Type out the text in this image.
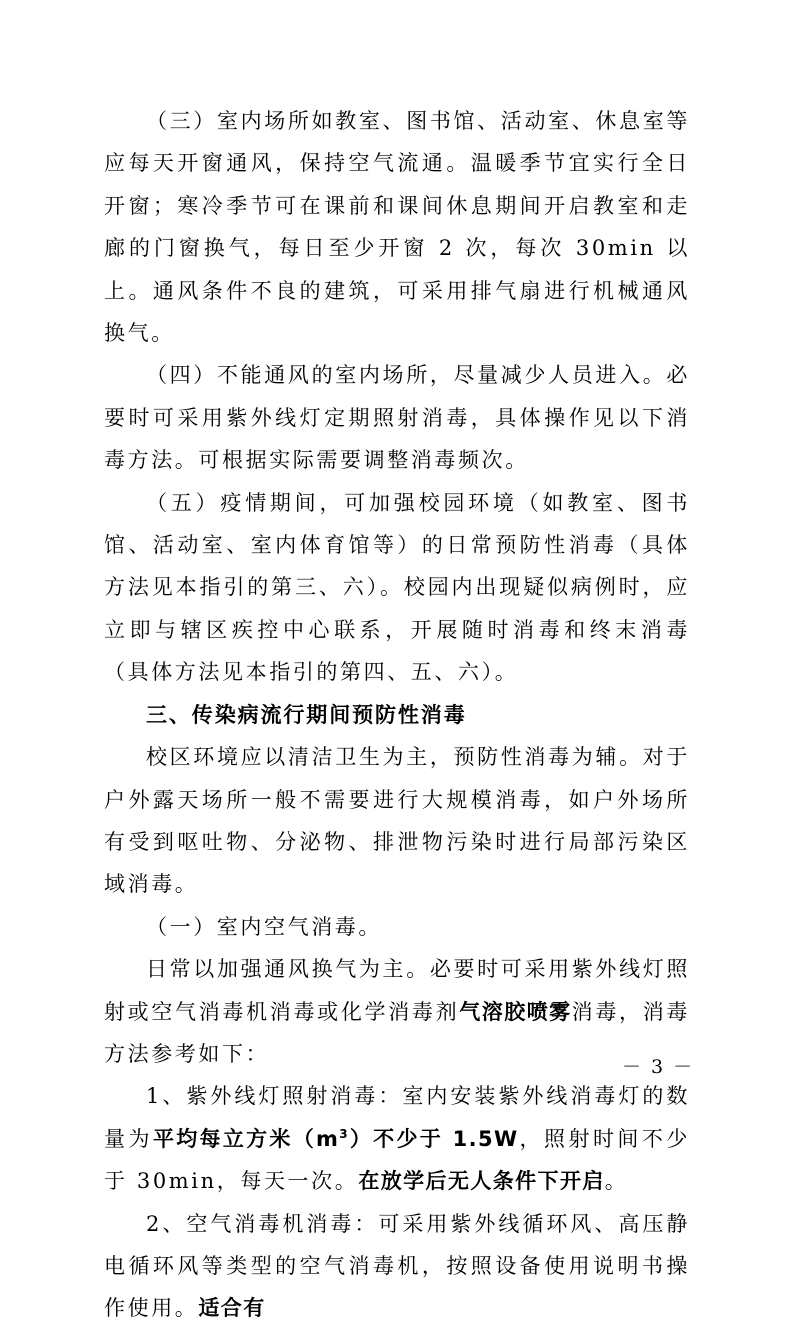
（三）室内场所如教室、图书馆、活动室、休息室等应每天开窗通风，保持空气流通。温暖季节宜实行全日开窗；寒冷季节可在课前和课间休息期间开启教室和走廊的门窗换气，每日至少开窗 2 次，每次 30min 以上。通风条件不良的建筑，可采用排气扇进行机械通风换气。

（四）不能通风的室内场所，尽量减少人员进入。必要时可采用紫外线灯定期照射消毒，具体操作见以下消毒方法。可根据实际需要调整消毒频次。

（五）疫情期间，可加强校园环境（如教室、图书馆、活动室、室内体育馆等）的日常预防性消毒（具体方法见本指引的第三、六）。校园内出现疑似病例时，应立即与辖区疾控中心联系，开展随时消毒和终末消毒（具体方法见本指引的第四、五、六）。

三、传染病流行期间预防性消毒

校区环境应以清洁卫生为主，预防性消毒为辅。对于户外露天场所一般不需要进行大规模消毒，如户外场所有受到呕吐物、分泌物、排泄物污染时进行局部污染区域消毒。

（一）室内空气消毒。

日常以加强通风换气为主。必要时可采用紫外线灯照射或空气消毒机消毒或化学消毒剂气溶胶喷雾消毒，消毒方法参考如下：

1、紫外线灯照射消毒：室内安装紫外线消毒灯的数量为平均每立方米$(m^3)$不少于 1.5W，照射时间不少于 30min，每天一次。在放学后无人条件下开启。

2、空气消毒机消毒：可采用紫外线循环风、高压静电循环风等类型的空气消毒机，按照设备使用说明书操作使用。适合有

－ 3 －
